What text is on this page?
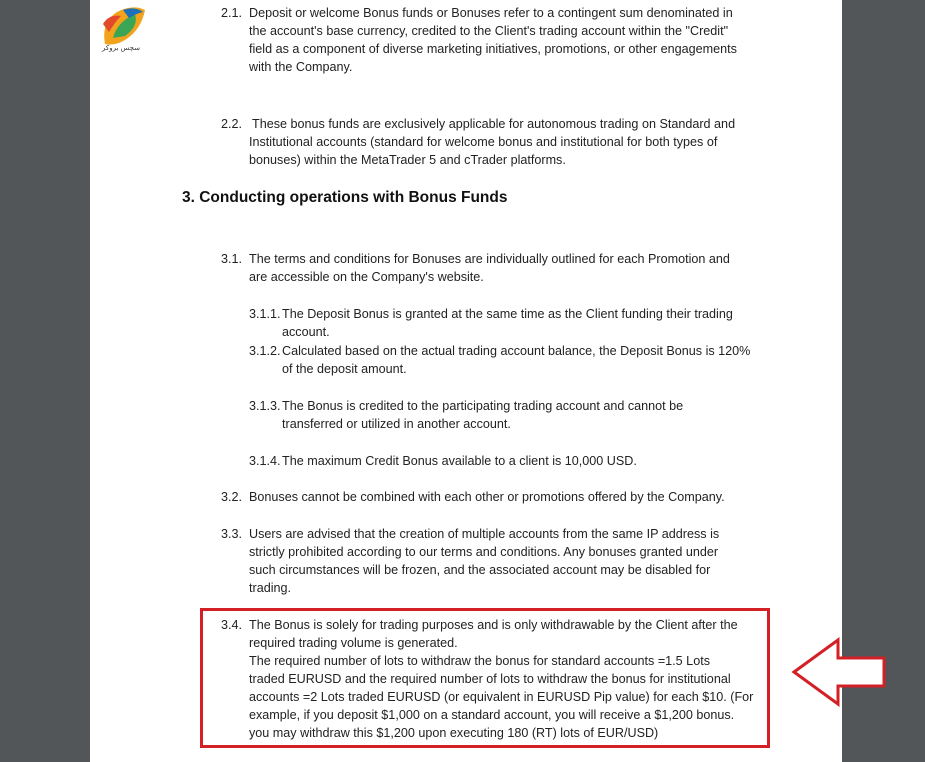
سچس بروکر
2.1. Deposit or welcome Bonus funds or Bonuses refer to a contingent sum denominated in
the account's base currency, credited to the Client's trading account within the "Credit"
field as a component of diverse marketing initiatives, promotions, or other engagements
with the Company.
2.2. These bonus funds are exclusively applicable for autonomous trading on Standard and
Institutional accounts (standard for welcome bonus and institutional for both types of
bonuses) within the MetaTrader 5 and cTrader platforms.
3. Conducting operations with Bonus Funds
3.1. The terms and conditions for Bonuses are individually outlined for each Promotion and
are accessible on the Company's website.
3.1.1. The Deposit Bonus is granted at the same time as the Client funding their trading
account.
3.1.2. Calculated based on the actual trading account balance, the Deposit Bonus is 120%
of the deposit amount.
3.1.3. The Bonus is credited to the participating trading account and cannot be
transferred or utilized in another account.
3.1.4. The maximum Credit Bonus available to a client is 10,000 USD.
3.2. Bonuses cannot be combined with each other or promotions offered by the Company.
3.3. Users are advised that the creation of multiple accounts from the same IP address is
strictly prohibited according to our terms and conditions. Any bonuses granted under
such circumstances will be frozen, and the associated account may be disabled for
trading.
3.4. The Bonus is solely for trading purposes and is only withdrawable by the Client after the
required trading volume is generated.
The required number of lots to withdraw the bonus for standard accounts =1.5 Lots
traded EURUSD and the required number of lots to withdraw the bonus for institutional
accounts =2 Lots traded EURUSD (or equivalent in EURUSD Pip value) for each $10. (For
example, if you deposit $1,000 on a standard account, you will receive a $1,200 bonus.
you may withdraw this $1,200 upon executing 180 (RT) lots of EUR/USD)
